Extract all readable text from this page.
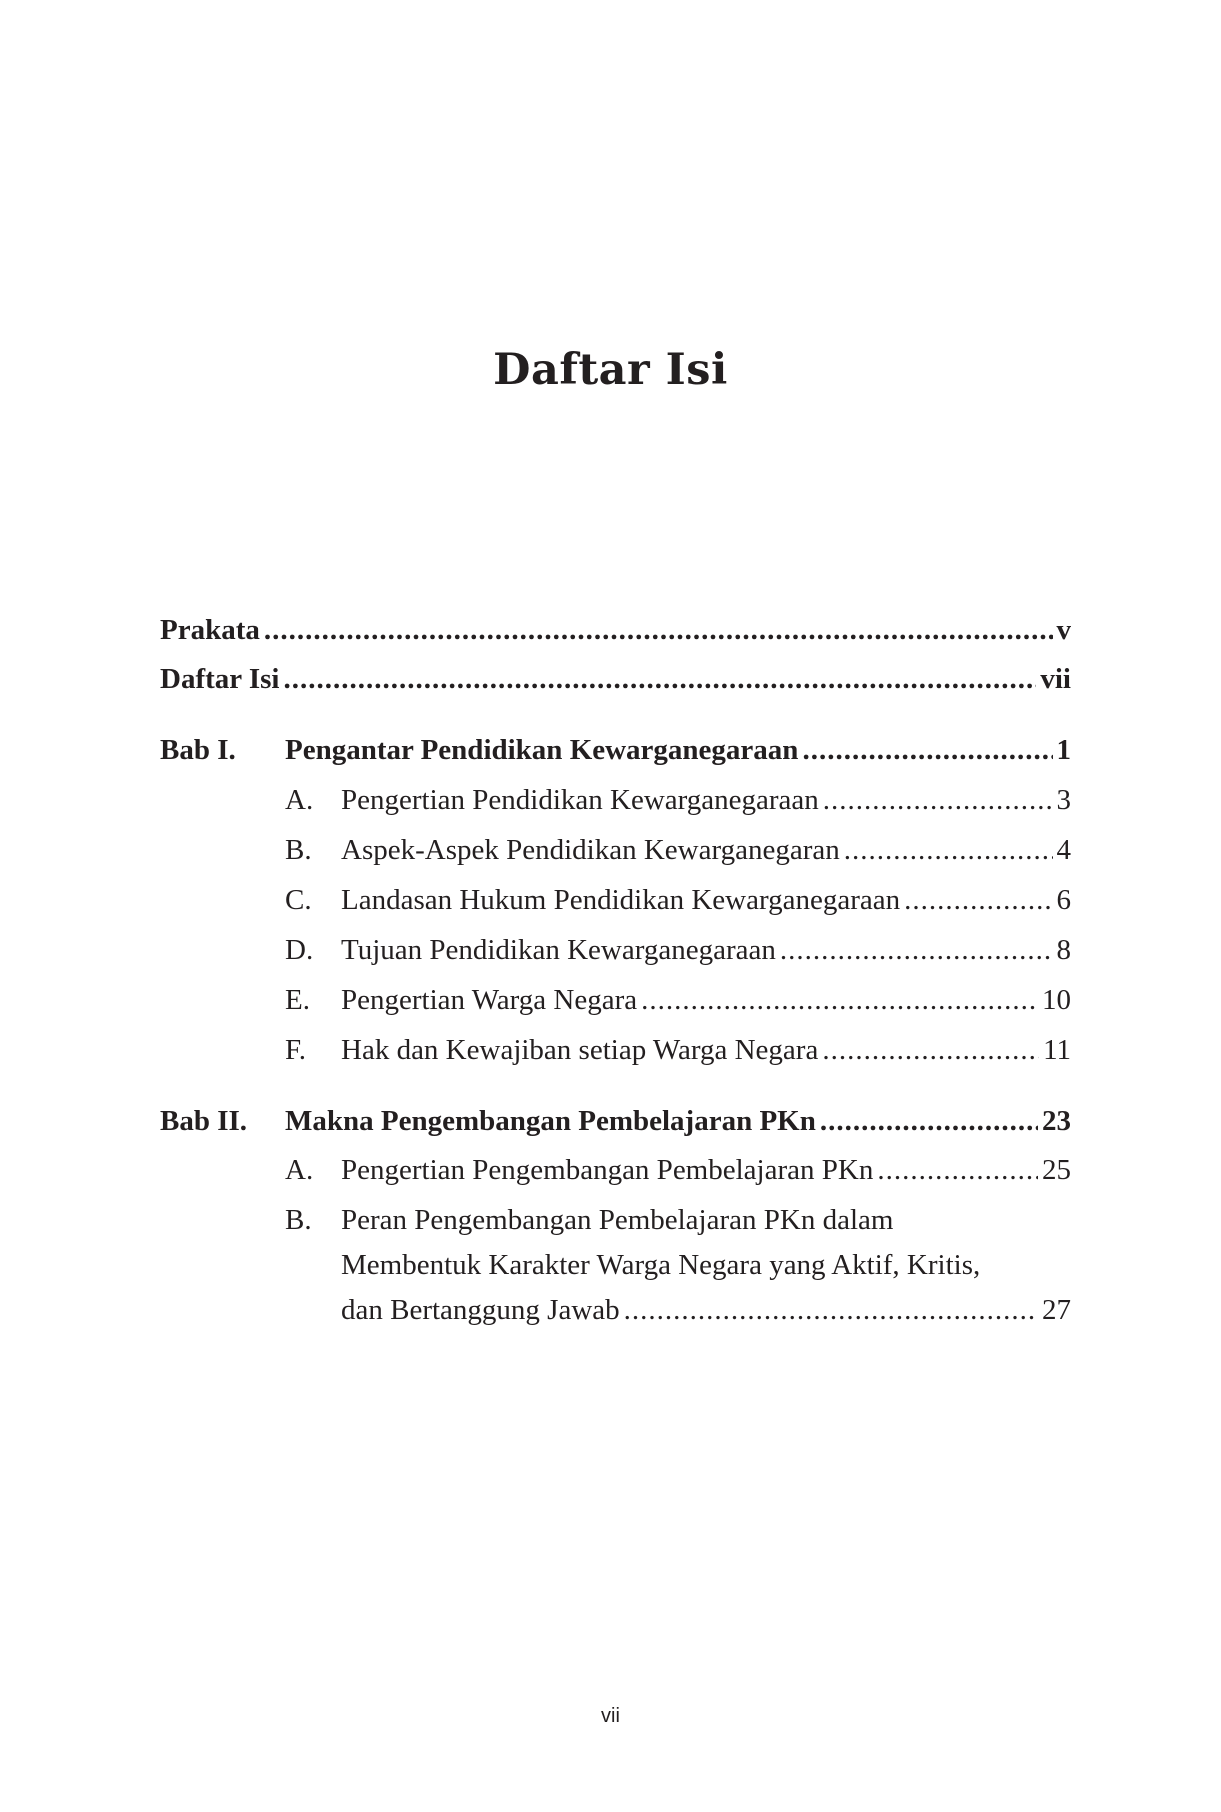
Daftar Isi
Prakata .....	v
Daftar Isi .....	vii
Bab I. Pengantar Pendidikan Kewarganegaraan .....	1
A. Pengertian Pendidikan Kewarganegaraan .....	3
B. Aspek-Aspek Pendidikan Kewarganegaran .....	4
C. Landasan Hukum Pendidikan Kewarganegaraan .....	6
D. Tujuan Pendidikan Kewarganegaraan .....	8
E. Pengertian Warga Negara .....	10
F. Hak dan Kewajiban setiap Warga Negara .....	11
Bab II. Makna Pengembangan Pembelajaran PKn .....	23
A. Pengertian Pengembangan Pembelajaran PKn .....	25
B. Peran Pengembangan Pembelajaran PKn dalam
Membentuk Karakter Warga Negara yang Aktif, Kritis,
dan Bertanggung Jawab .....	27
vii
